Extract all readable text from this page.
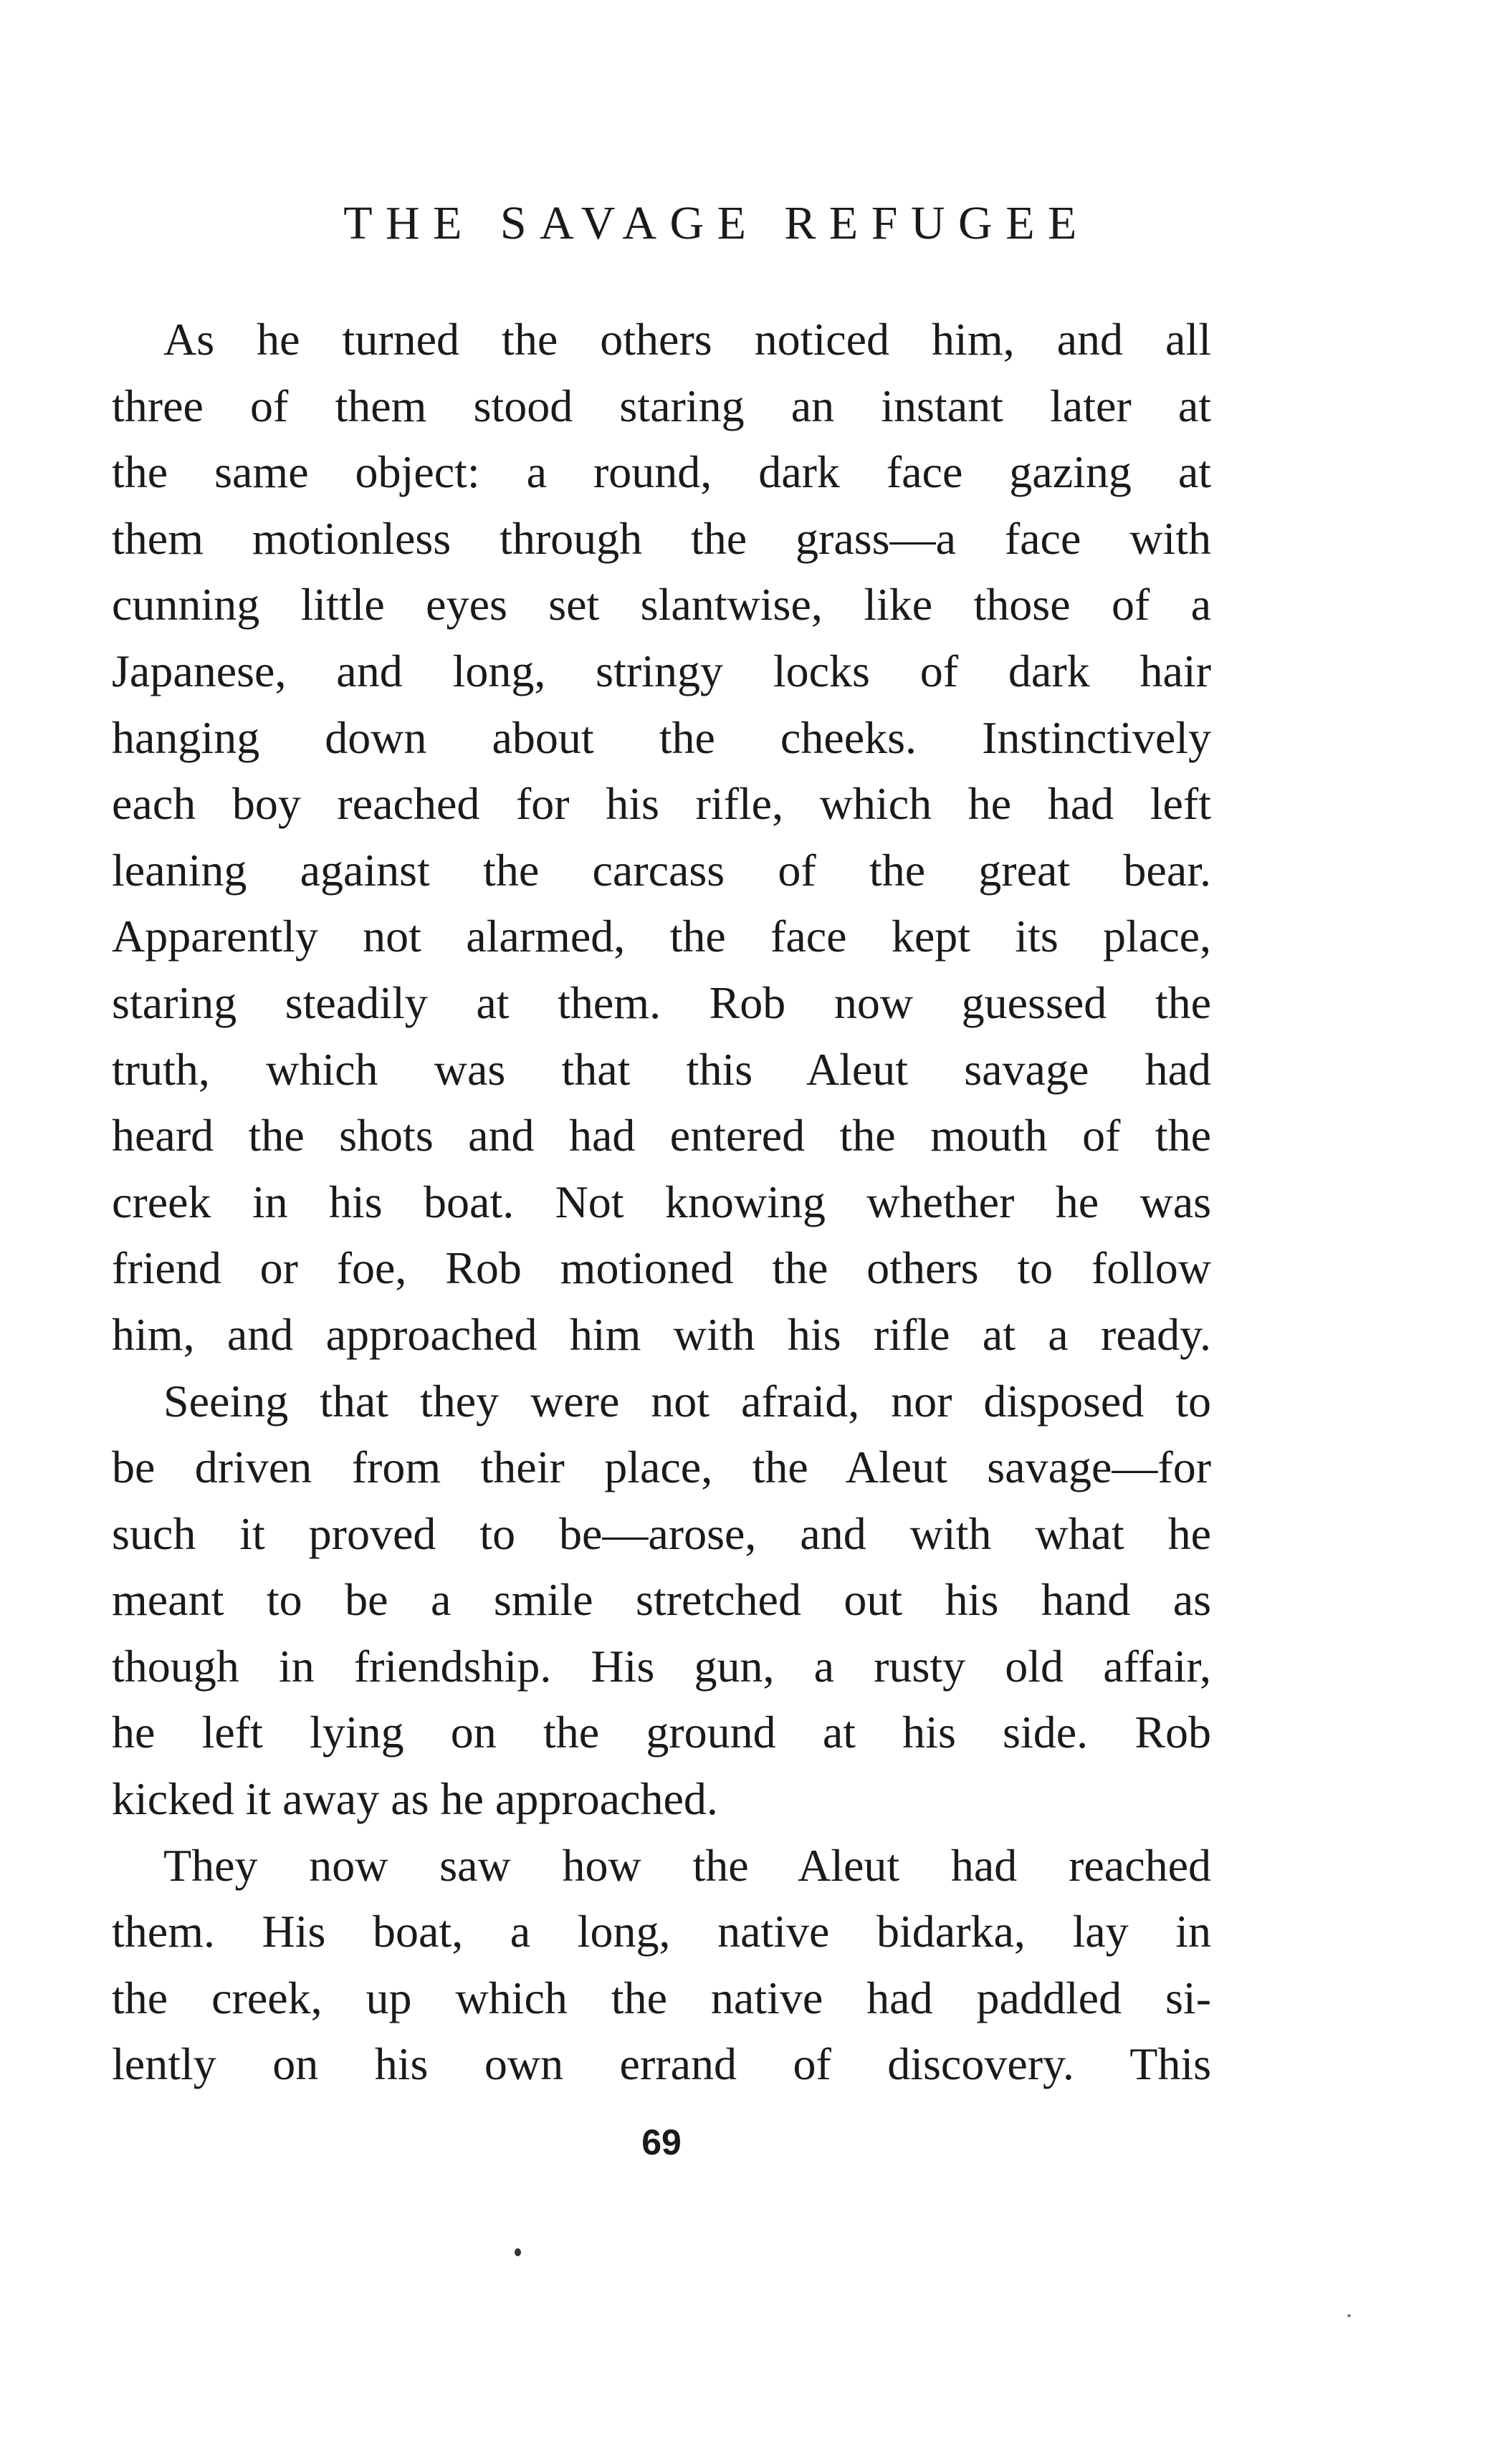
THE SAVAGE REFUGEE

As he turned the others noticed him, and all
three of them stood staring an instant later at
the same object: a round, dark face gazing at
them motionless through the grass—a face with
cunning little eyes set slantwise, like those of a
Japanese, and long, stringy locks of dark hair
hanging down about the cheeks. Instinctively
each boy reached for his rifle, which he had left
leaning against the carcass of the great bear.
Apparently not alarmed, the face kept its place,
staring steadily at them. Rob now guessed the
truth, which was that this Aleut savage had
heard the shots and had entered the mouth of the
creek in his boat. Not knowing whether he was
friend or foe, Rob motioned the others to follow
him, and approached him with his rifle at a ready.

Seeing that they were not afraid, nor disposed to
be driven from their place, the Aleut savage—for
such it proved to be—arose, and with what he
meant to be a smile stretched out his hand as
though in friendship. His gun, a rusty old affair,
he left lying on the ground at his side. Rob
kicked it away as he approached.

They now saw how the Aleut had reached
them. His boat, a long, native bidarka, lay in
the creek, up which the native had paddled si-
lently on his own errand of discovery. This

69
